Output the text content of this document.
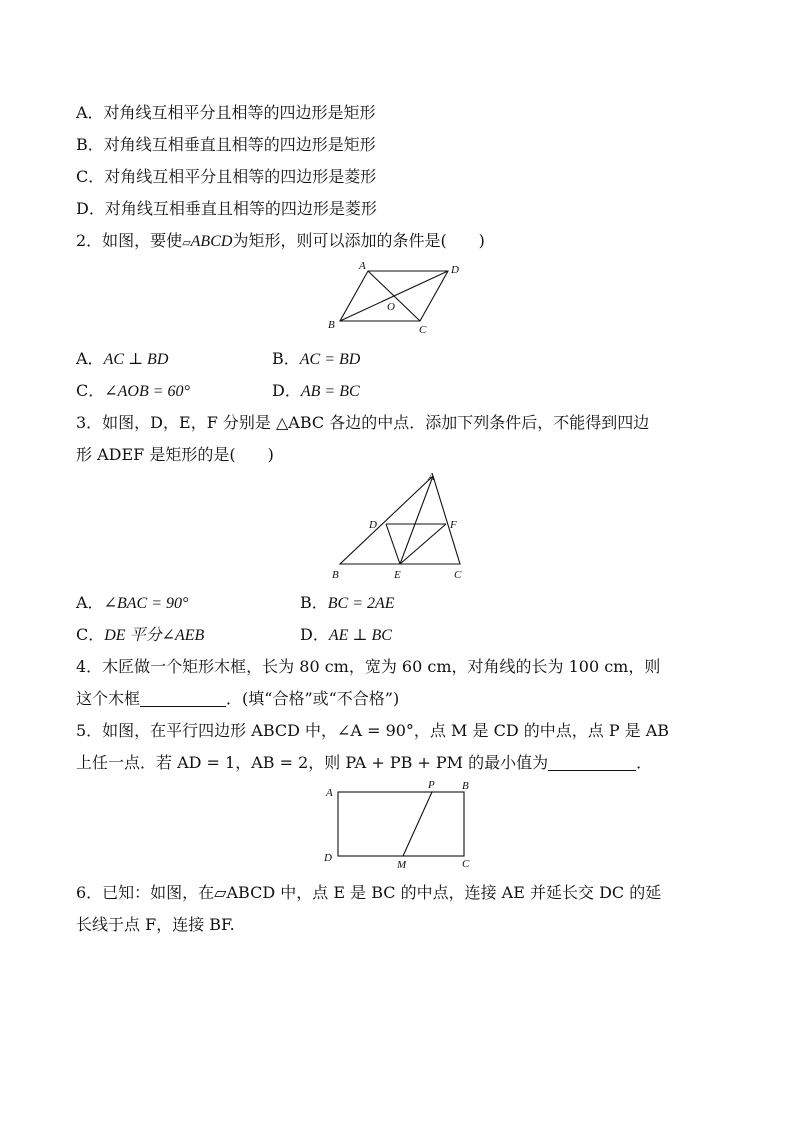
A．对角线互相平分且相等的四边形是矩形
B．对角线互相垂直且相等的四边形是矩形
C．对角线互相平分且相等的四边形是菱形
D．对角线互相垂直且相等的四边形是菱形
2．如图，要使▱ABCD为矩形，则可以添加的条件是(　　)
A	D
O
B	C
A．AC ⊥ BD	B．AC = BD
C．∠AOB = 60°	D．AB = BC
3．如图，D，E，F 分别是 △ABC 各边的中点．添加下列条件后，不能得到四边
形 ADEF 是矩形的是(　　)
A
D	F
B	E	C
A．∠BAC = 90°	B．BC = 2AE
C．DE 平分∠AEB	D．AE ⊥ BC
4．木匠做一个矩形木框，长为 80 cm，宽为 60 cm，对角线的长为 100 cm，则
这个木框	．(填“合格”或“不合格”)
5．如图，在平行四边形 ABCD 中，∠A = 90°，点 M 是 CD 的中点，点 P 是 AB
上任一点．若 AD = 1，AB = 2，则 PA + PB + PM 的最小值为	．
A
P B
D
M	C
6．已知：如图，在▱ABCD 中，点 E 是 BC 的中点，连接 AE 并延长交 DC 的延
长线于点 F，连接 BF.
